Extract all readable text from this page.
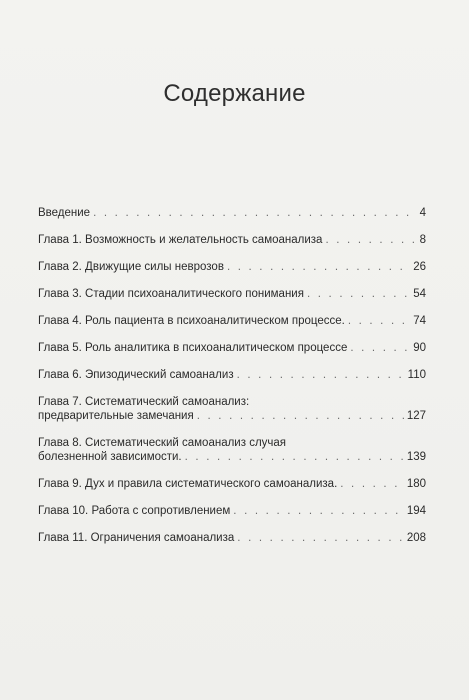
Содержание
Введение . . .	4
Глава 1. Возможность и желательность самоанализа . . .	8
Глава 2. Движущие силы неврозов . . .	26
Глава 3. Стадии психоаналитического понимания . . .	54
Глава 4. Роль пациента в психоаналитическом процессе. . . .	74
Глава 5. Роль аналитика в психоаналитическом процессе . . .	90
Глава 6. Эпизодический самоанализ . . .	110
Глава 7. Систематический самоанализ:
предварительные замечания . . .	127
Глава 8. Систематический самоанализ случая
болезненной зависимости. . . .	139
Глава 9. Дух и правила систематического самоанализа. . . .	180
Глава 10. Работа с сопротивлением . . .	194
Глава 11. Ограничения самоанализа . . .	208
